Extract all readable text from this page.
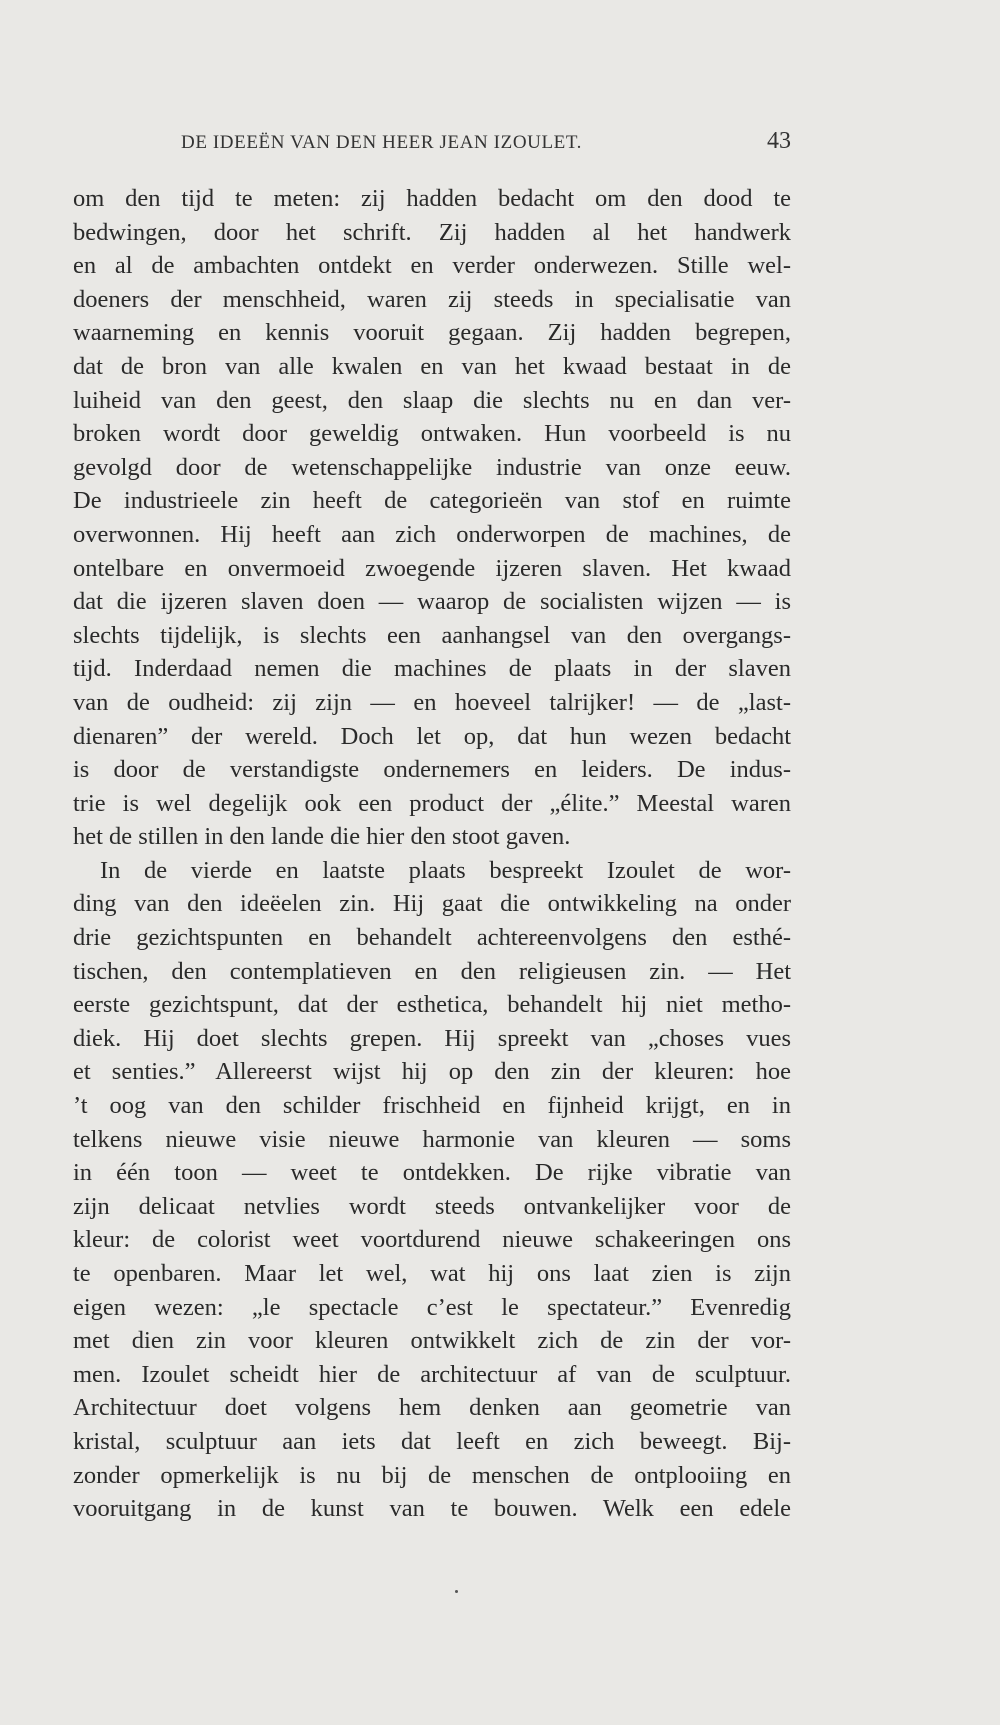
DE IDEEËN VAN DEN HEER JEAN IZOULET.	43
om den tijd te meten: zij hadden bedacht om den dood te
bedwingen, door het schrift. Zij hadden al het handwerk
en al de ambachten ontdekt en verder onderwezen. Stille wel-
doeners der menschheid, waren zij steeds in specialisatie van
waarneming en kennis vooruit gegaan. Zij hadden begrepen,
dat de bron van alle kwalen en van het kwaad bestaat in de
luiheid van den geest, den slaap die slechts nu en dan ver-
broken wordt door geweldig ontwaken. Hun voorbeeld is nu
gevolgd door de wetenschappelijke industrie van onze eeuw.
De industrieele zin heeft de categorieën van stof en ruimte
overwonnen. Hij heeft aan zich onderworpen de machines, de
ontelbare en onvermoeid zwoegende ijzeren slaven. Het kwaad
dat die ijzeren slaven doen — waarop de socialisten wijzen — is
slechts tijdelijk, is slechts een aanhangsel van den overgangs-
tijd. Inderdaad nemen die machines de plaats in der slaven
van de oudheid: zij zijn — en hoeveel talrijker! — de „last-
dienaren” der wereld. Doch let op, dat hun wezen bedacht
is door de verstandigste ondernemers en leiders. De indus-
trie is wel degelijk ook een product der „élite.” Meestal waren
het de stillen in den lande die hier den stoot gaven.
In de vierde en laatste plaats bespreekt Izoulet de wor-
ding van den ideëelen zin. Hij gaat die ontwikkeling na onder
drie gezichtspunten en behandelt achtereenvolgens den esthé-
tischen, den contemplatieven en den religieusen zin. — Het
eerste gezichtspunt, dat der esthetica, behandelt hij niet metho-
diek. Hij doet slechts grepen. Hij spreekt van „choses vues
et senties.” Allereerst wijst hij op den zin der kleuren: hoe
’t oog van den schilder frischheid en fijnheid krijgt, en in
telkens nieuwe visie nieuwe harmonie van kleuren — soms
in één toon — weet te ontdekken. De rijke vibratie van
zijn delicaat netvlies wordt steeds ontvankelijker voor de
kleur: de colorist weet voortdurend nieuwe schakeeringen ons
te openbaren. Maar let wel, wat hij ons laat zien is zijn
eigen wezen: „le spectacle c’est le spectateur.” Evenredig
met dien zin voor kleuren ontwikkelt zich de zin der vor-
men. Izoulet scheidt hier de architectuur af van de sculptuur.
Architectuur doet volgens hem denken aan geometrie van
kristal, sculptuur aan iets dat leeft en zich beweegt. Bij-
zonder opmerkelijk is nu bij de menschen de ontplooiing en
vooruitgang in de kunst van te bouwen. Welk een edele
